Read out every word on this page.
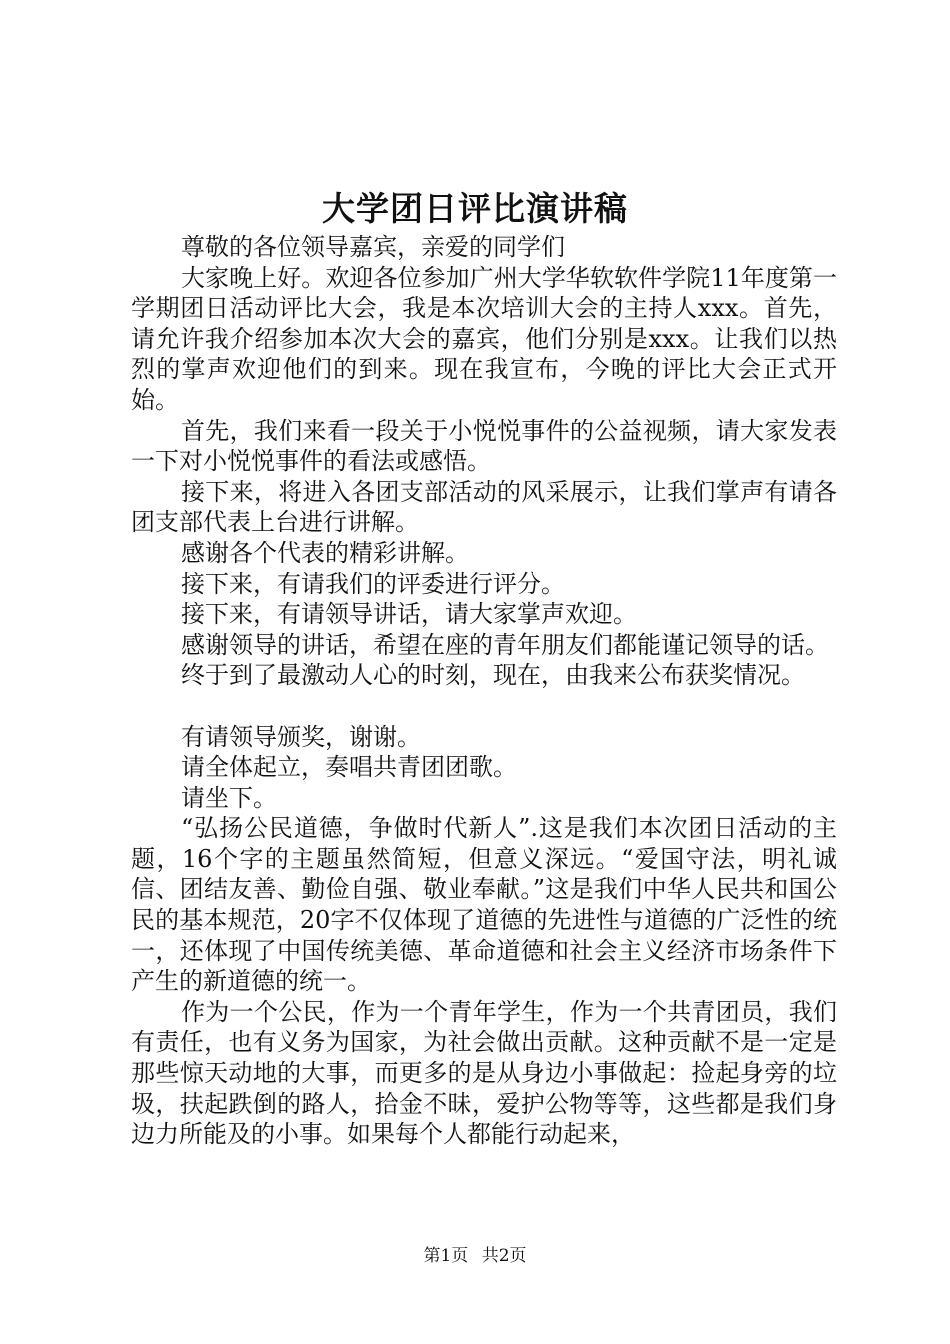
大学团日评比演讲稿

尊敬的各位领导嘉宾，亲爱的同学们

大家晚上好。欢迎各位参加广州大学华软软件学院11年度第一学期团日活动评比大会，我是本次培训大会的主持人xxx。首先，请允许我介绍参加本次大会的嘉宾，他们分别是xxx。让我们以热烈的掌声欢迎他们的到来。现在我宣布，今晚的评比大会正式开始。

首先，我们来看一段关于小悦悦事件的公益视频，请大家发表一下对小悦悦事件的看法或感悟。

接下来，将进入各团支部活动的风采展示，让我们掌声有请各团支部代表上台进行讲解。

感谢各个代表的精彩讲解。

接下来，有请我们的评委进行评分。

接下来，有请领导讲话，请大家掌声欢迎。

感谢领导的讲话，希望在座的青年朋友们都能谨记领导的话。

终于到了最激动人心的时刻，现在，由我来公布获奖情况。

有请领导颁奖，谢谢。

请全体起立，奏唱共青团团歌。

请坐下。

“弘扬公民道德，争做时代新人”.这是我们本次团日活动的主题，16个字的主题虽然简短，但意义深远。“爱国守法，明礼诚信、团结友善、勤俭自强、敬业奉献。”这是我们中华人民共和国公民的基本规范，20字不仅体现了道德的先进性与道德的广泛性的统一，还体现了中国传统美德、革命道德和社会主义经济市场条件下产生的新道德的统一。

作为一个公民，作为一个青年学生，作为一个共青团员，我们有责任，也有义务为国家，为社会做出贡献。这种贡献不是一定是那些惊天动地的大事，而更多的是从身边小事做起：捡起身旁的垃圾，扶起跌倒的路人，拾金不昧，爱护公物等等，这些都是我们身边力所能及的小事。如果每个人都能行动起来，

第1页 共2页
